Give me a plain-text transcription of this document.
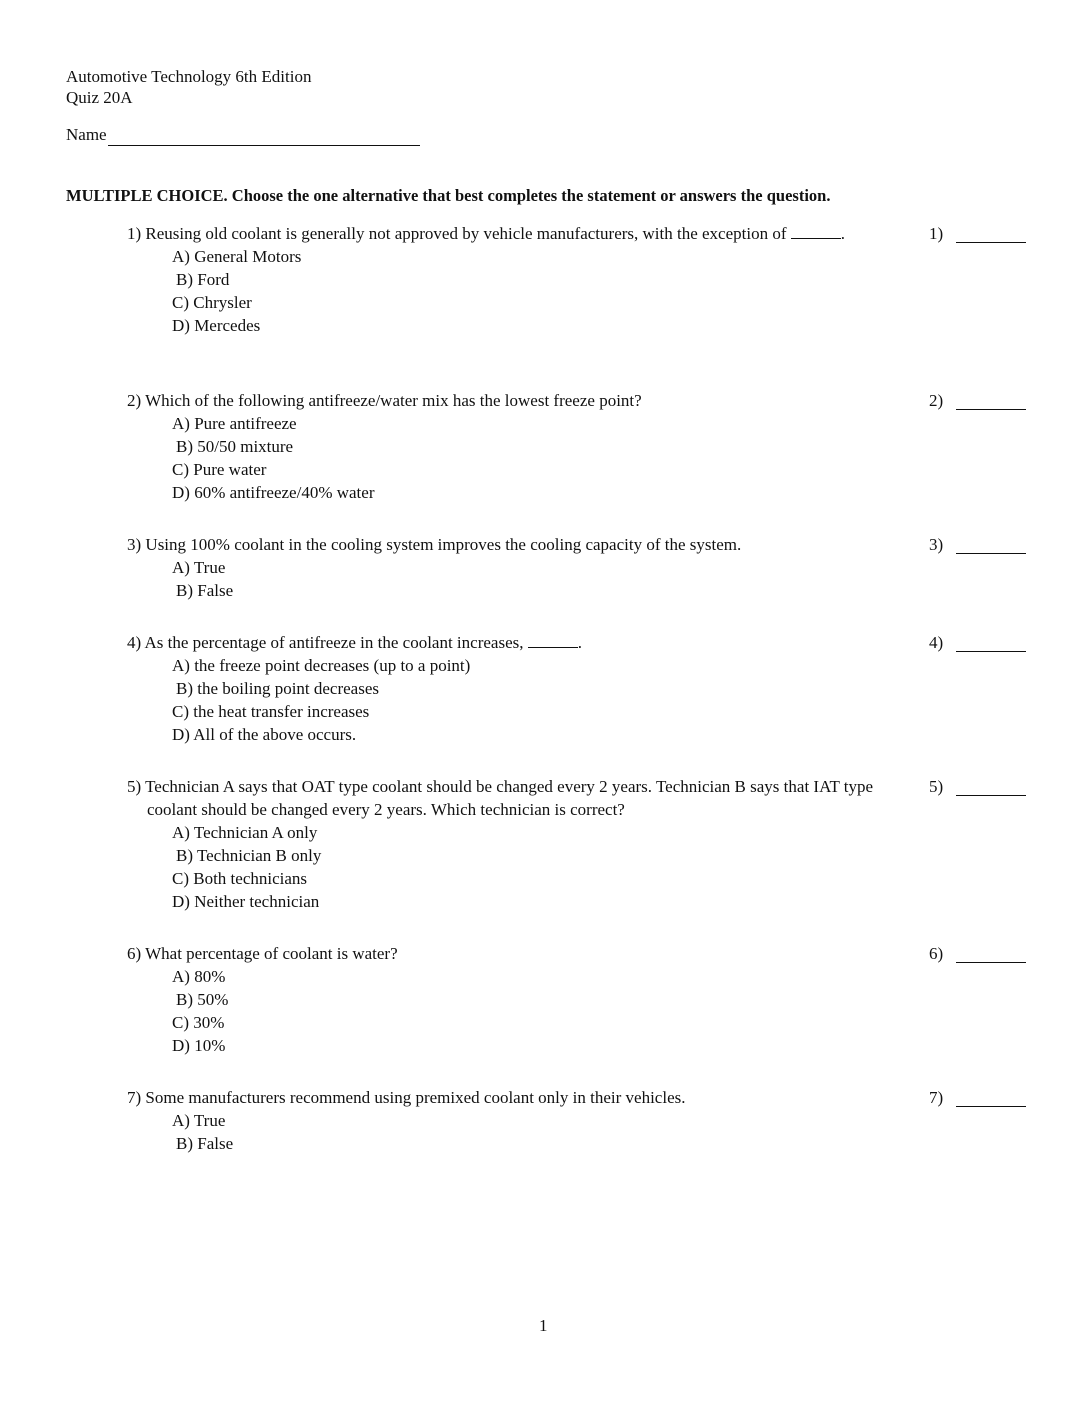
Automotive Technology 6th Edition
Quiz 20A
Name
MULTIPLE CHOICE. Choose the one alternative that best completes the statement or answers the question.
1) Reusing old coolant is generally not approved by vehicle manufacturers, with the exception of	.
A) General Motors
B) Ford
C) Chrysler
D) Mercedes
1)
2) Which of the following antifreeze/water mix has the lowest freeze point?
A) Pure antifreeze
B) 50/50 mixture
C) Pure water
D) 60% antifreeze/40% water
2)
3) Using 100% coolant in the cooling system improves the cooling capacity of the system.
A) True
B) False
3)
4) As the percentage of antifreeze in the coolant increases,	.
A) the freeze point decreases (up to a point)
B) the boiling point decreases
C) the heat transfer increases
D) All of the above occurs.
4)
5) Technician A says that OAT type coolant should be changed every 2 years. Technician B says that IAT type coolant should be changed every 2 years. Which technician is correct?
A) Technician A only
B) Technician B only
C) Both technicians
D) Neither technician
5)
6) What percentage of coolant is water?
A) 80%
B) 50%
C) 30%
D) 10%
6)
7) Some manufacturers recommend using premixed coolant only in their vehicles.
A) True
B) False
7)
1
